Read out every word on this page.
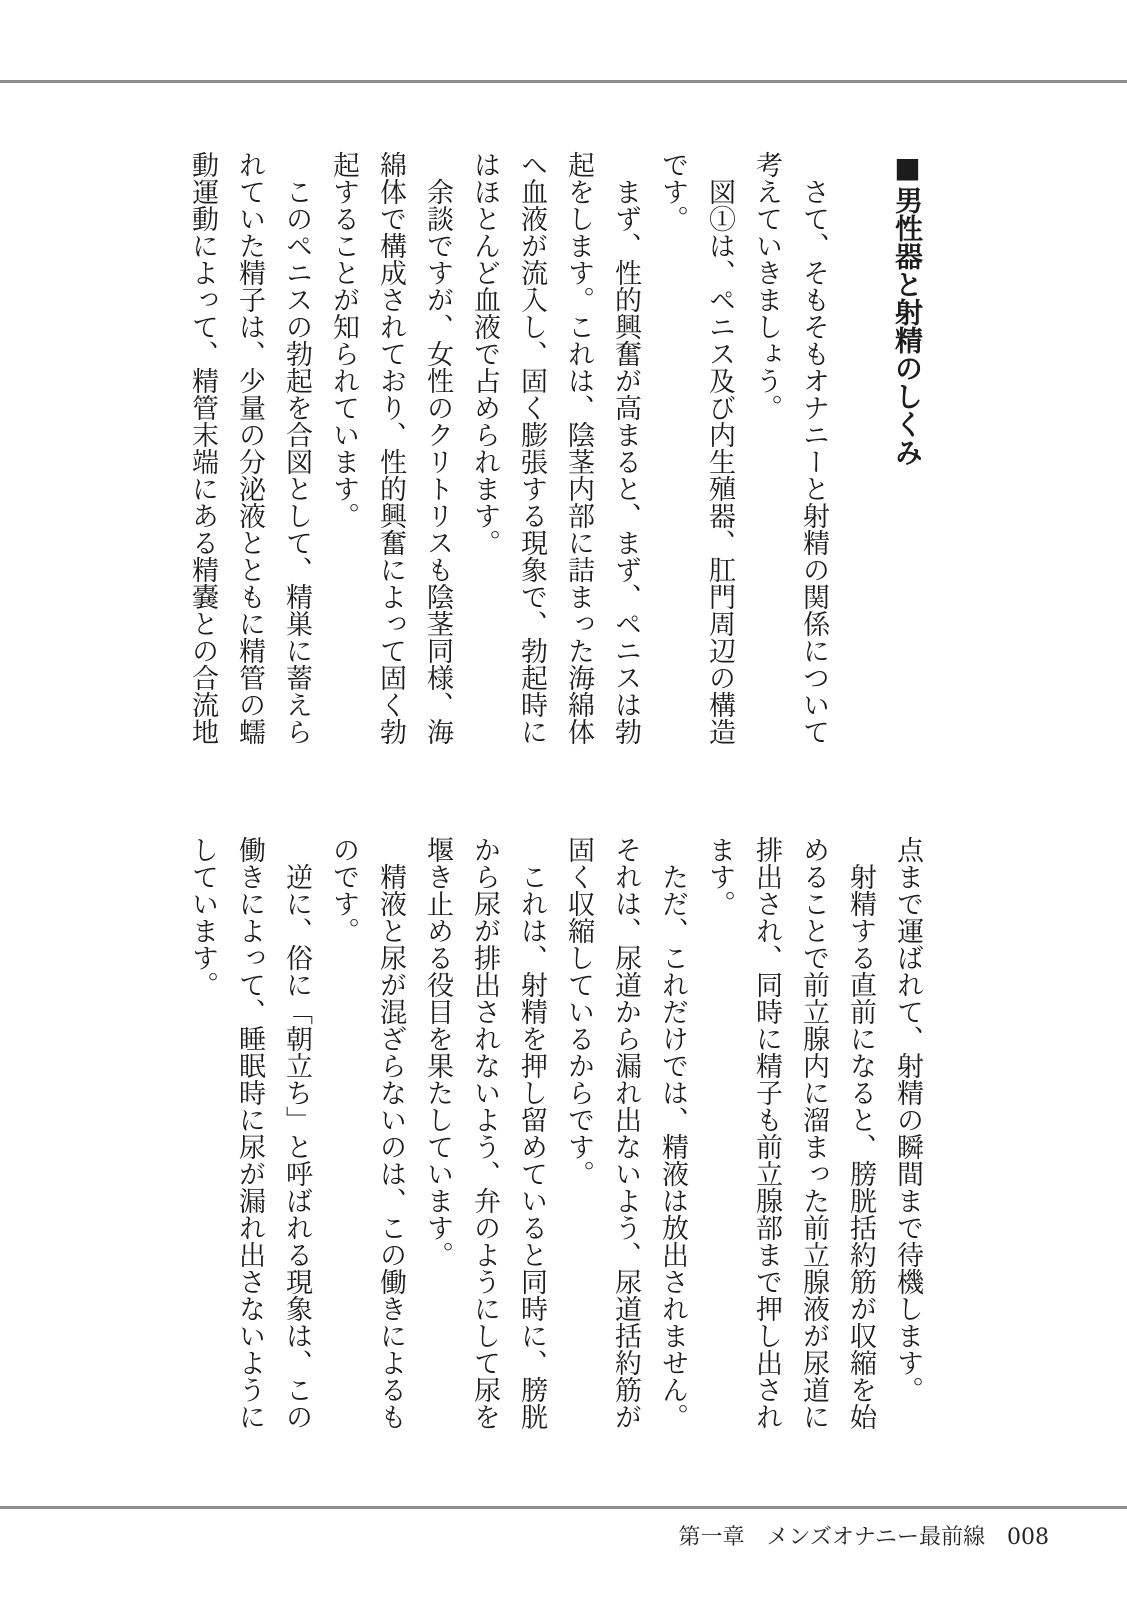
■男性器と射精のしくみ
　さて、そもそもオナニーと射精の関係について
考えていきましょう。
　図①は、ペニス及び内生殖器、肛門周辺の構造
です。
　まず、性的興奮が高まると、まず、ペニスは勃
起をします。これは、陰茎内部に詰まった海綿体
へ血液が流入し、固く膨張する現象で、勃起時に
はほとんど血液で占められます。
　余談ですが、女性のクリトリスも陰茎同様、海
綿体で構成されており、性的興奮によって固く勃
起することが知られています。
　このペニスの勃起を合図として、精巣に蓄えら
れていた精子は、少量の分泌液とともに精管の蠕
動運動によって、精管末端にある精嚢との合流地
点まで運ばれて、射精の瞬間まで待機します。
　射精する直前になると、膀胱括約筋が収縮を始
めることで前立腺内に溜まった前立腺液が尿道に
排出され、同時に精子も前立腺部まで押し出され
ます。
　ただ、これだけでは、精液は放出されません。
それは、尿道から漏れ出ないよう、尿道括約筋が
固く収縮しているからです。
　これは、射精を押し留めていると同時に、膀胱
から尿が排出されないよう、弁のようにして尿を
堰き止める役目を果たしています。
　精液と尿が混ざらないのは、この働きによるも
のです。
　逆に、俗に「朝立ち」と呼ばれる現象は、この
働きによって、睡眠時に尿が漏れ出さないように
しています。
第一章 メンズオナニー最前線 008
